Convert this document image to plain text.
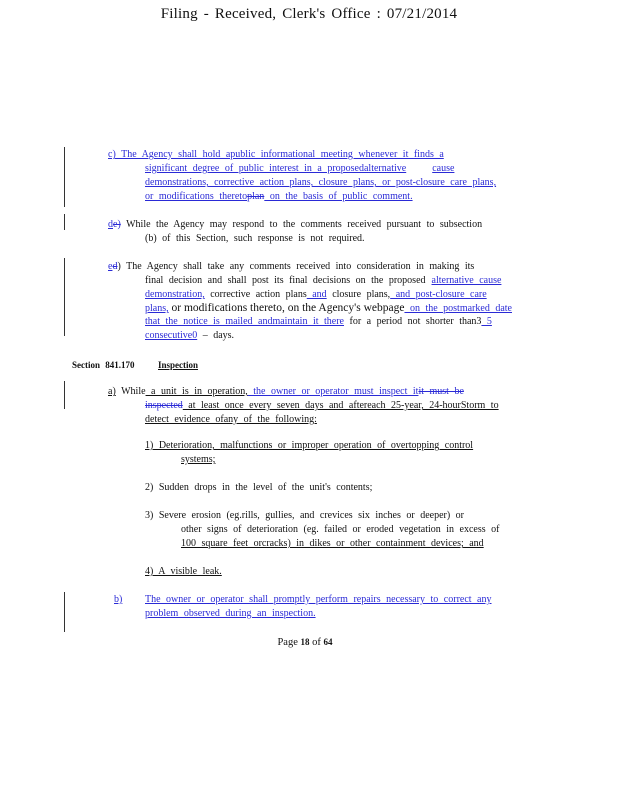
Filing - Received, Clerk's Office : 07/21/2014
c) The Agency shall hold apublic informational meeting whenever it finds a
significant degree of public interest in a proposedalternative	cause
demonstrations, corrective action plans, closure plans, or post-closure care plans,
or modifications theretoplan on the basis of public comment.
de) While the Agency may respond to the comments received pursuant to subsection
(b) of this Section, such response is not required.
ed) The Agency shall take any comments received into consideration in making its
final decision and shall post its final decisions on the proposed alternative cause
demonstration, corrective action plans and closure plans, and post-closure care
plans, or modifications thereto, on the Agency's webpage on the postmarked date
that the notice is mailed andmaintain it there for a period not shorter than3 5
consecutive0 – days.
Section 841.170	Inspection
a) While a unit is in operation, the owner or operator must inspect itit must be
inspected at least once every seven days and aftereach 25-year, 24-hourStorm to
detect evidence ofany of the following:
1) Deterioration, malfunctions or improper operation of overtopping control
systems;
2) Sudden drops in the level of the unit's contents;
3) Severe erosion (eg.rills, gullies, and crevices six inches or deeper) or
other signs of deterioration (eg. failed or eroded vegetation in excess of
100 square feet orcracks) in dikes or other containment devices; and
4) A visible leak.
b) The owner or operator shall promptly perform repairs necessary to correct any
problem observed during an inspection.
Page 18 of 64
